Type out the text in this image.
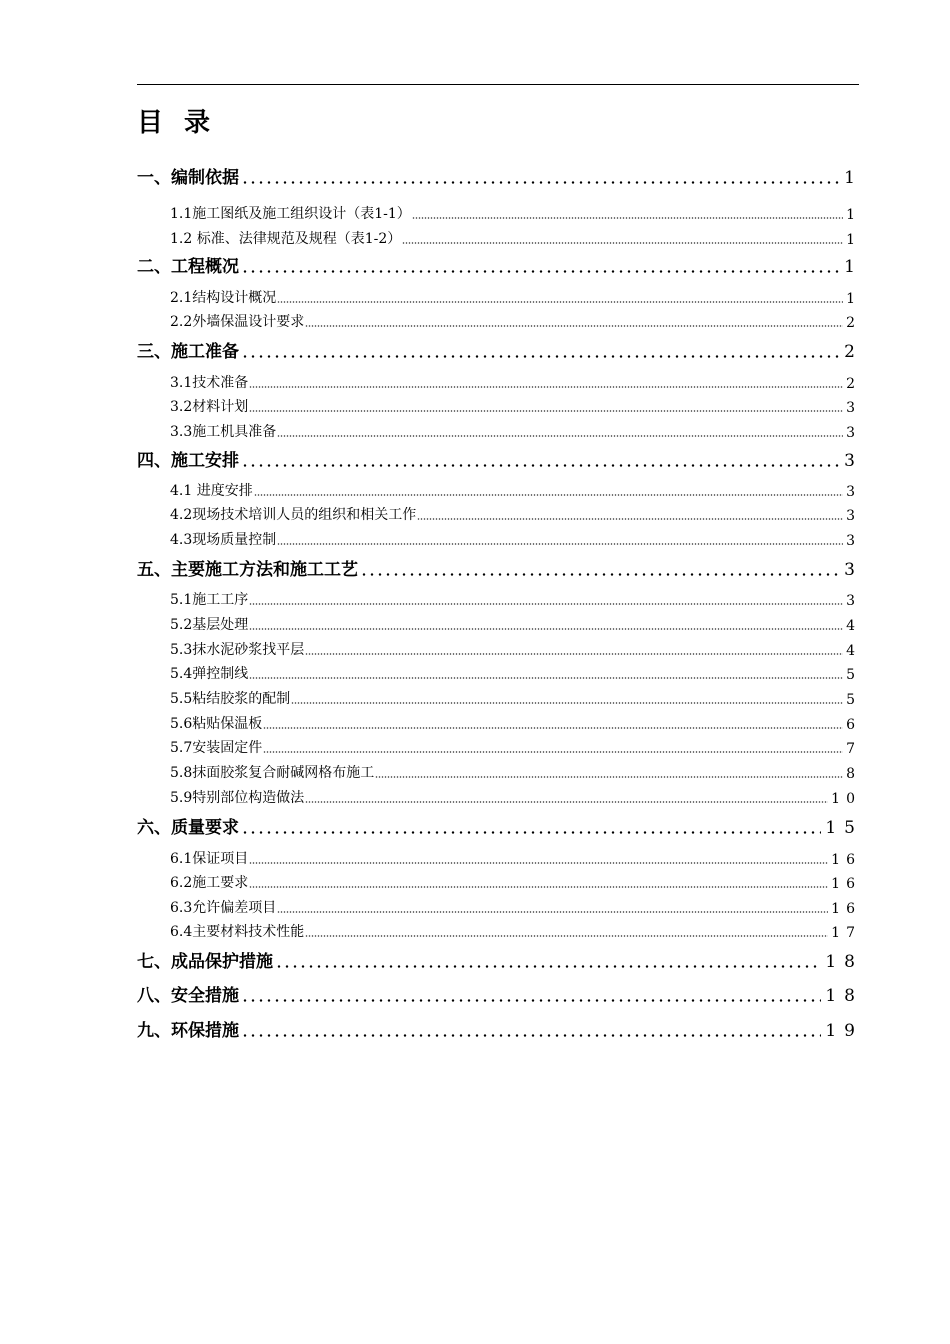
目 录
一、编制依据	1
1.1施工图纸及施工组织设计（表1-1）	1
1.2 标准、法律规范及规程（表1-2）	1
二、工程概况	1
2.1结构设计概况	1
2.2外墙保温设计要求	2
三、施工准备	2
3.1技术准备	2
3.2材料计划	3
3.3施工机具准备	3
四、施工安排	3
4.1 进度安排	3
4.2现场技术培训人员的组织和相关工作	3
4.3现场质量控制	3
五、主要施工方法和施工工艺	3
5.1施工工序	3
5.2基层处理	4
5.3抹水泥砂浆找平层	4
5.4弹控制线	5
5.5粘结胶浆的配制	5
5.6粘贴保温板	6
5.7安装固定件	7
5.8抹面胶浆复合耐碱网格布施工	8
5.9特别部位构造做法	10
六、质量要求	15
6.1保证项目	16
6.2施工要求	16
6.3允许偏差项目	16
6.4主要材料技术性能	17
七、成品保护措施	18
八、安全措施	18
九、环保措施	19
